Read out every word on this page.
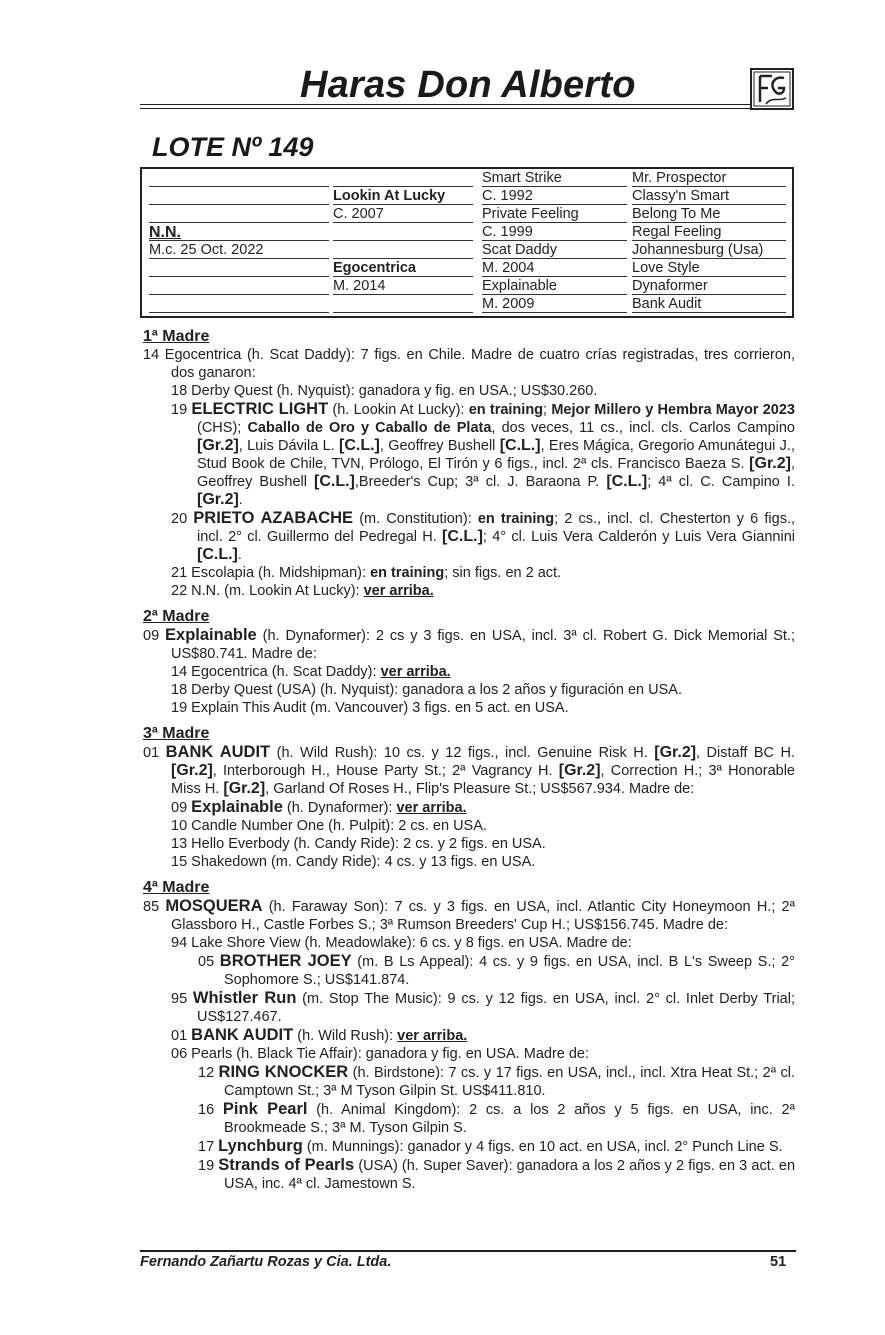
Haras Don Alberto
LOTE Nº 149
N.N.
M.c. 25 Oct. 2022
Lookin At Lucky
C. 2007
Egocentrica
M. 2014
Smart Strike
C. 1992
Private Feeling
C. 1999
Scat Daddy
M. 2004
Explainable
M. 2009
Mr. Prospector
Classy'n Smart
Belong To Me
Regal Feeling
Johannesburg (Usa)
Love Style
Dynaformer
Bank Audit
1ª Madre
14 Egocentrica (h. Scat Daddy): 7 figs. en Chile. Madre de cuatro crías registradas, tres corrieron, dos ganaron:
18 Derby Quest (h. Nyquist): ganadora y fig. en USA.; US$30.260.
19 ELECTRIC LIGHT (h. Lookin At Lucky): en training; Mejor Millero y Hembra Mayor 2023 (CHS); Caballo de Oro y Caballo de Plata, dos veces, 11 cs., incl. cls. Carlos Campino [Gr.2], Luis Dávila L. [C.L.], Geoffrey Bushell [C.L.], Eres Mágica, Gregorio Amunátegui J., Stud Book de Chile, TVN, Prólogo, El Tirón y 6 figs., incl. 2ª cls. Francisco Baeza S. [Gr.2], Geoffrey Bushell [C.L.],Breeder's Cup; 3ª cl. J. Baraona P. [C.L.]; 4ª cl. C. Campino I. [Gr.2].
20 PRIETO AZABACHE (m. Constitution): en training; 2 cs., incl. cl. Chesterton y 6 figs., incl. 2° cl. Guillermo del Pedregal H. [C.L.]; 4° cl. Luis Vera Calderón y Luis Vera Giannini [C.L.].
21 Escolapia (h. Midshipman): en training; sin figs. en 2 act.
22 N.N. (m. Lookin At Lucky): ver arriba.
2ª Madre
09 Explainable (h. Dynaformer): 2 cs y 3 figs. en USA, incl. 3ª cl. Robert G. Dick Memorial St.; US$80.741. Madre de:
14 Egocentrica (h. Scat Daddy): ver arriba.
18 Derby Quest (USA) (h. Nyquist): ganadora a los 2 años y figuración en USA.
19 Explain This Audit (m. Vancouver) 3 figs. en 5 act. en USA.
3ª Madre
01 BANK AUDIT (h. Wild Rush): 10 cs. y 12 figs., incl. Genuine Risk H. [Gr.2], Distaff BC H. [Gr.2], Interborough H., House Party St.; 2ª Vagrancy H. [Gr.2], Correction H.; 3ª Honorable Miss H. [Gr.2], Garland Of Roses H., Flip's Pleasure St.; US$567.934. Madre de:
09 Explainable (h. Dynaformer): ver arriba.
10 Candle Number One (h. Pulpit): 2 cs. en USA.
13 Hello Everbody (h. Candy Ride): 2 cs. y 2 figs. en USA.
15 Shakedown (m. Candy Ride): 4 cs. y 13 figs. en USA.
4ª Madre
85 MOSQUERA (h. Faraway Son): 7 cs. y 3 figs. en USA, incl. Atlantic City Honeymoon H.; 2ª Glassboro H., Castle Forbes S.; 3ª Rumson Breeders' Cup H.; US$156.745. Madre de:
94 Lake Shore View (h. Meadowlake): 6 cs. y 8 figs. en USA. Madre de:
05 BROTHER JOEY (m. B Ls Appeal): 4 cs. y 9 figs. en USA, incl. B L's Sweep S.; 2° Sophomore S.; US$141.874.
95 Whistler Run (m. Stop The Music): 9 cs. y 12 figs. en USA, incl. 2° cl. Inlet Derby Trial; US$127.467.
01 BANK AUDIT (h. Wild Rush): ver arriba.
06 Pearls (h. Black Tie Affair): ganadora y fig. en USA. Madre de:
12 RING KNOCKER (h. Birdstone): 7 cs. y 17 figs. en USA, incl., incl. Xtra Heat St.; 2ª cl. Camptown St.; 3ª M Tyson Gilpin St. US$411.810.
16 Pink Pearl (h. Animal Kingdom): 2 cs. a los 2 años y 5 figs. en USA, inc. 2ª Brookmeade S.; 3ª M. Tyson Gilpin S.
17 Lynchburg (m. Munnings): ganador y 4 figs. en 10 act. en USA, incl. 2° Punch Line S.
19 Strands of Pearls (USA) (h. Super Saver): ganadora a los 2 años y 2 figs. en 3 act. en USA, inc. 4ª cl. Jamestown S.
Fernando Zañartu Rozas y Cia. Ltda.	51
